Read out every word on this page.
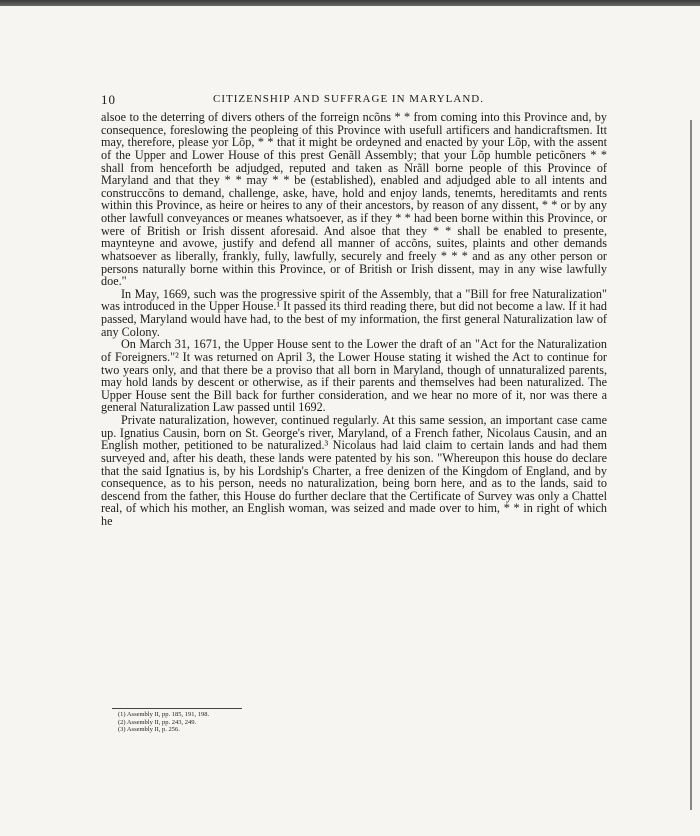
10	CITIZENSHIP AND SUFFRAGE IN MARYLAND.

alsoe to the deterring of divers others of the forreign ncõns * * from coming into this Province and, by consequence, foreslowing the peopleing of this Province with usefull artificers and handicraftsmen. Itt may, therefore, please yor Lõp, * * that it might be ordeyned and enacted by your Lõp, with the assent of the Upper and Lower House of this prest Genãll Assembly; that your Lõp humble peticõners * * shall from henceforth be adjudged, reputed and taken as Nrãll borne people of this Province of Maryland and that they * * may * * be (established), enabled and adjudged able to all intents and construccõns to demand, challenge, aske, have, hold and enjoy lands, tenemts, hereditamts and rents within this Province, as heire or heires to any of their ancestors, by reason of any dissent, * * or by any other lawfull conveyances or meanes whatsoever, as if they * * had been borne within this Province, or were of British or Irish dissent aforesaid. And alsoe that they * * shall be enabled to presente, maynteyne and avowe, justify and defend all manner of accõns, suites, plaints and other demands whatsoever as liberally, frankly, fully, lawfully, securely and freely * * * and as any other person or persons naturally borne within this Province, or of British or Irish dissent, may in any wise lawfully doe."

In May, 1669, such was the progressive spirit of the Assembly, that a "Bill for free Naturalization" was introduced in the Upper House.¹ It passed its third reading there, but did not become a law. If it had passed, Maryland would have had, to the best of my information, the first general Naturalization law of any Colony.

On March 31, 1671, the Upper House sent to the Lower the draft of an "Act for the Naturalization of Foreigners."² It was returned on April 3, the Lower House stating it wished the Act to continue for two years only, and that there be a proviso that all born in Maryland, though of unnaturalized parents, may hold lands by descent or otherwise, as if their parents and themselves had been naturalized. The Upper House sent the Bill back for further consideration, and we hear no more of it, nor was there a general Naturalization Law passed until 1692.

Private naturalization, however, continued regularly. At this same session, an important case came up. Ignatius Causin, born on St. George's river, Maryland, of a French father, Nicolaus Causin, and an English mother, petitioned to be naturalized.³ Nicolaus had laid claim to certain lands and had them surveyed and, after his death, these lands were patented by his son. "Whereupon this house do declare that the said Ignatius is, by his Lordship's Charter, a free denizen of the Kingdom of England, and by consequence, as to his person, needs no naturalization, being born here, and as to the lands, said to descend from the father, this House do further declare that the Certificate of Survey was only a Chattel real, of which his mother, an English woman, was seized and made over to him, * * in right of which he

(1) Assembly II, pp. 185, 191, 198.
(2) Assembly II, pp. 243, 249.
(3) Assembly II, p. 256.
